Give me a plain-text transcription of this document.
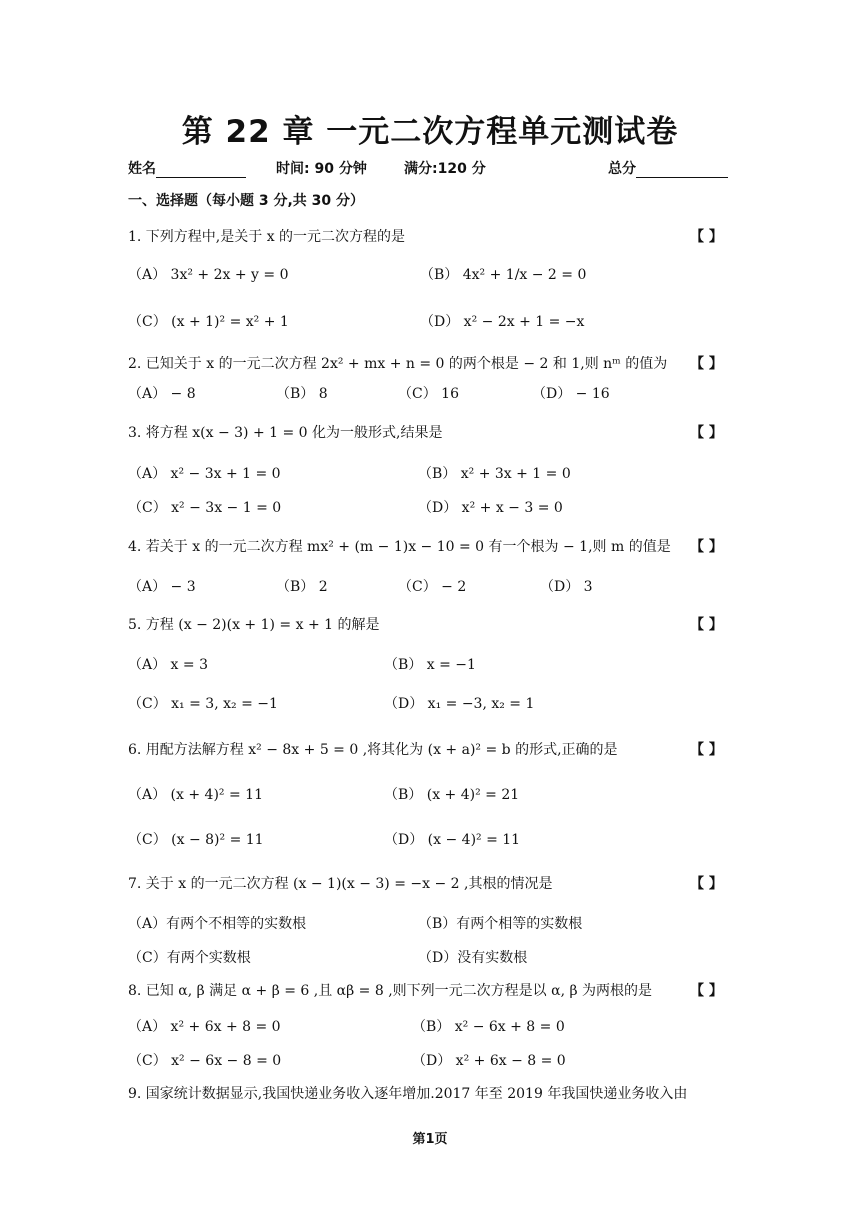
第 22 章 一元二次方程单元测试卷
姓名	时间: 90 分钟	满分:120 分	总分
一、选择题（每小题 3 分,共 30 分）
1. 下列方程中,是关于 x 的一元二次方程的是	【 】
（A） 3x² + 2x + y = 0	（B） 4x² + 1/x − 2 = 0
（C） (x + 1)² = x² + 1	（D） x² − 2x + 1 = −x
2. 已知关于 x 的一元二次方程 2x² + mx + n = 0 的两个根是 − 2 和 1,则 nᵐ 的值为 【 】
（A） − 8	（B） 8	（C） 16	（D） − 16
3. 将方程 x(x − 3) + 1 = 0 化为一般形式,结果是	【 】
（A） x² − 3x + 1 = 0	（B） x² + 3x + 1 = 0
（C） x² − 3x − 1 = 0	（D） x² + x − 3 = 0
4. 若关于 x 的一元二次方程 mx² + (m − 1)x − 10 = 0 有一个根为 − 1,则 m 的值是 【 】
（A） − 3	（B） 2	（C） − 2	（D） 3
5. 方程 (x − 2)(x + 1) = x + 1 的解是	【 】
（A） x = 3	（B） x = −1
（C） x₁ = 3, x₂ = −1	（D） x₁ = −3, x₂ = 1
6. 用配方法解方程 x² − 8x + 5 = 0 ,将其化为 (x + a)² = b 的形式,正确的是	【 】
（A） (x + 4)² = 11	（B） (x + 4)² = 21
（C） (x − 8)² = 11	（D） (x − 4)² = 11
7. 关于 x 的一元二次方程 (x − 1)(x − 3) = −x − 2 ,其根的情况是	【 】
（A）有两个不相等的实数根	（B）有两个相等的实数根
（C）有两个实数根	（D）没有实数根
8. 已知 α, β 满足 α + β = 6 ,且 αβ = 8 ,则下列一元二次方程是以 α, β 为两根的是	【 】
（A） x² + 6x + 8 = 0	（B） x² − 6x + 8 = 0
（C） x² − 6x − 8 = 0	（D） x² + 6x − 8 = 0
9. 国家统计数据显示,我国快递业务收入逐年增加.2017 年至 2019 年我国快递业务收入由
第1页
